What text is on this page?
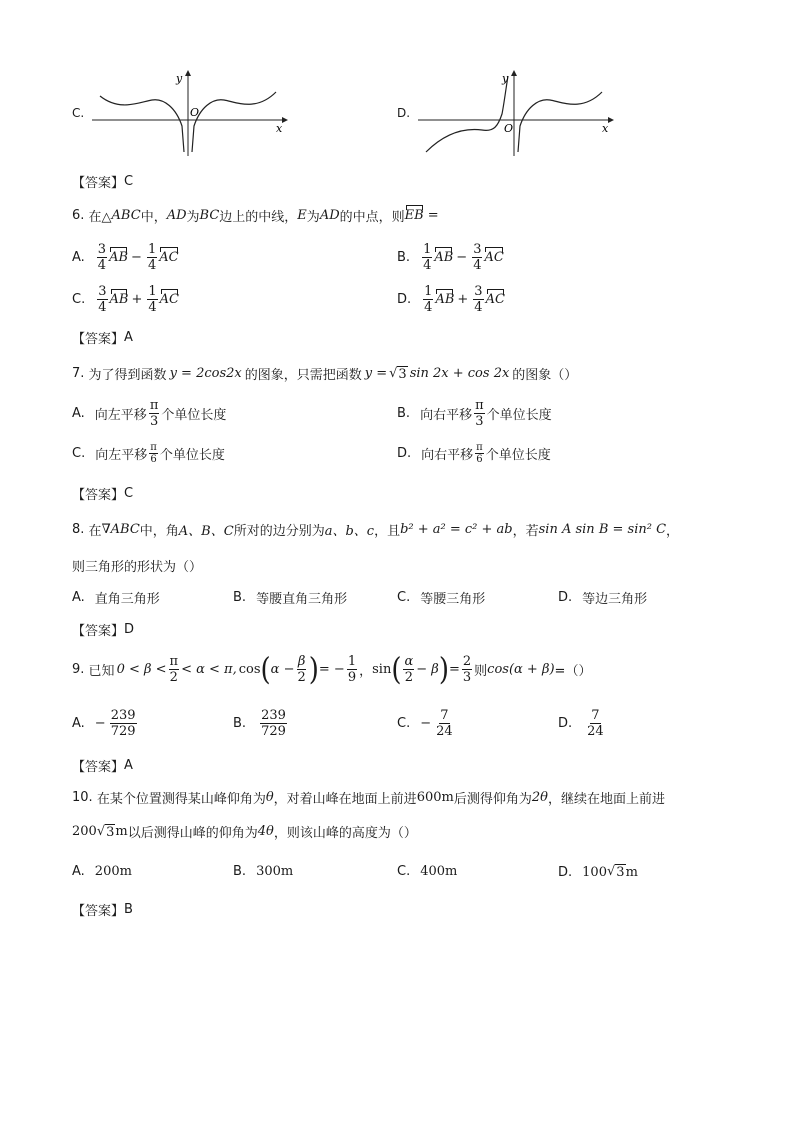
C.
y
x
O	D.
y
x
O
【答案】 C
6.
在△ ABC 中， AD 为 BC 边上的中线， E 为 AD 的中点，则 EB =
A. $\frac{3}{4}$ AB − $\frac{1}{4}$ AC	B. $\frac{1}{4}$ AB − $\frac{3}{4}$ AC
C. $\frac{3}{4}$ AB + $\frac{1}{4}$ AC	D. $\frac{1}{4}$ AB + $\frac{3}{4}$ AC
【答案】 A
7.
为了得到函数 y = 2cos2x 的图象，只需把函数 y = √ 3 sin 2x + cos 2x 的图象（）
A. 向左平移 $\frac{\pi}{3}$ 个单位长度	B. 向右平移 $\frac{\pi}{3}$ 个单位长度
C. 向左平移 $\frac{\pi}{6}$ 个单位长度	D. 向右平移 $\frac{\pi}{6}$ 个单位长度
【答案】 C
8.
在 ∇ABC 中，角 A、B、C 所对的边分别为 a、b、c ，且 b² + a² = c² + ab ，若 sin A sin B = sin² C ，
则三角形的形状为（）
A. 直角三角形	B. 等腰直角三角形	C. 等腰三角形	D. 等边三角形
【答案】 D
9.
已知 $0 < \beta < \frac{\pi}{2} < \alpha < \pi$, cos ( $\alpha - \frac{\beta}{2}$ ) = − $\frac{1}{9}$ ， sin ( $\frac{\alpha}{2} - \beta$ ) = $\frac{2}{3}$ 则 cos(α + β) =（）
A. − $\frac{239}{729}$	B. $\frac{239}{729}$	C. − $\frac{7}{24}$	D. $\frac{7}{24}$
【答案】 A
10.
在某个位置测得某山峰仰角为 θ ，对着山峰在地面上前进 600m 后测得仰角为 2θ ，继续在地面上前进
200 √ 3 m 以后测得山峰的仰角为 4θ ，则该山峰的高度为（）
A. 200m	B. 300m	C. 400m	D. 100 √ 3 m
【答案】 B
